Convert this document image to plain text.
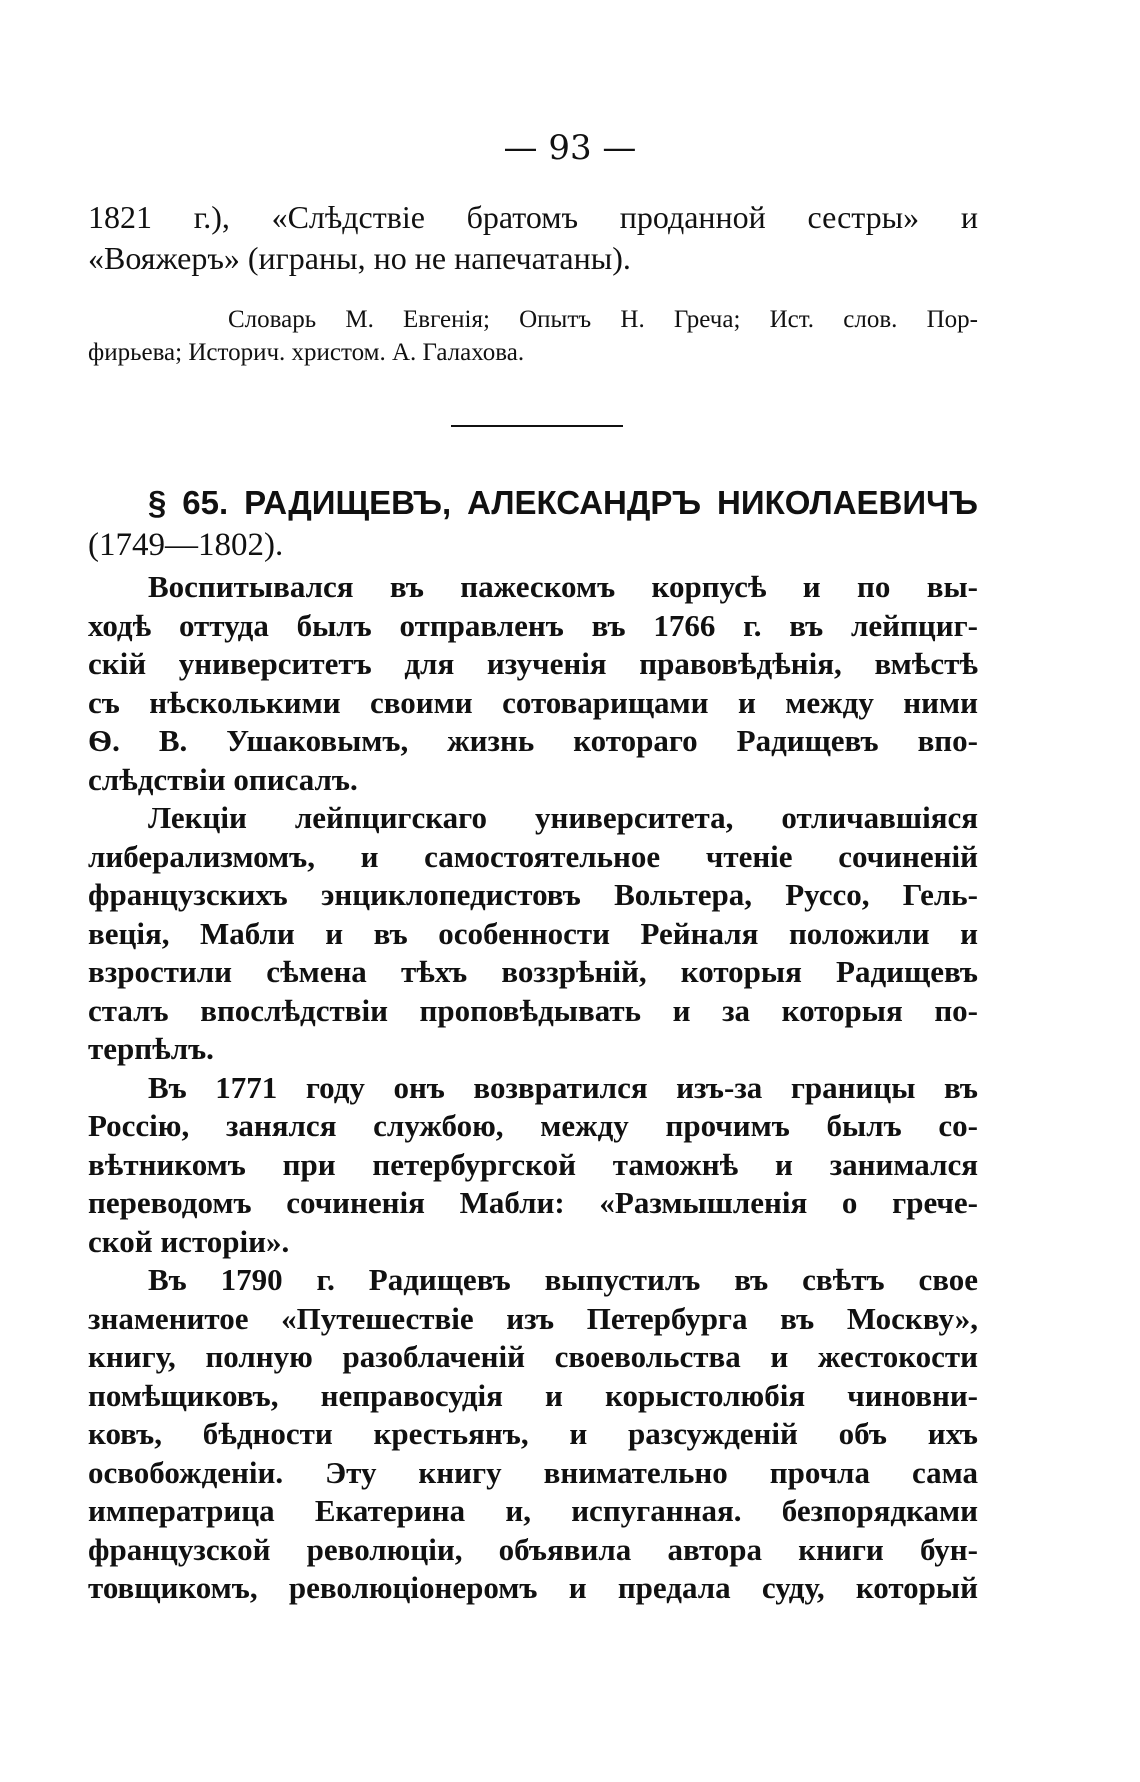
— 93 —
1821 г.), «Слѣдствіе братомъ проданной сестры» и
«Вояжеръ» (играны, но не напечатаны).
Словарь М. Евгенія; Опытъ Н. Греча; Ист. слов. Пор-
фирьева; Историч. христом. А. Галахова.
§ 65. РАДИЩЕВЪ, АЛЕКСАНДРЪ НИКОЛАЕВИЧЪ
(1749—1802).
Воспитывался въ пажескомъ корпусѣ и по вы-
ходѣ оттуда былъ отправленъ въ 1766 г. въ лейпциг-
скій университетъ для изученія правовѣдѣнія, вмѣстѣ
съ нѣсколькими своими сотоварищами и между ними
Ѳ. В. Ушаковымъ, жизнь котораго Радищевъ впо-
слѣдствіи описалъ.
Лекціи лейпцигскаго университета, отличавшіяся
либерализмомъ, и самостоятельное чтеніе сочиненій
французскихъ энциклопедистовъ Вольтера, Руссо, Гель-
веція, Мабли и въ особенности Рейналя положили и
взростили сѣмена тѣхъ воззрѣній, которыя Радищевъ
сталъ впослѣдствіи проповѣдывать и за которыя по-
терпѣлъ.
Въ 1771 году онъ возвратился изъ-за границы въ
Россію, занялся службою, между прочимъ былъ со-
вѣтникомъ при петербургской таможнѣ и занимался
переводомъ сочиненія Мабли: «Размышленія о грече-
ской исторіи».
Въ 1790 г. Радищевъ выпустилъ въ свѣтъ свое
знаменитое «Путешествіе изъ Петербурга въ Москву»,
книгу, полную разоблаченій своевольства и жестокости
помѣщиковъ, неправосудія и корыстолюбія чиновни-
ковъ, бѣдности крестьянъ, и разсужденій объ ихъ
освобожденіи. Эту книгу внимательно прочла сама
императрица Екатерина и, испуганная. безпорядками
французской революціи, объявила автора книги бун-
товщикомъ, революціонеромъ и предала суду, который
